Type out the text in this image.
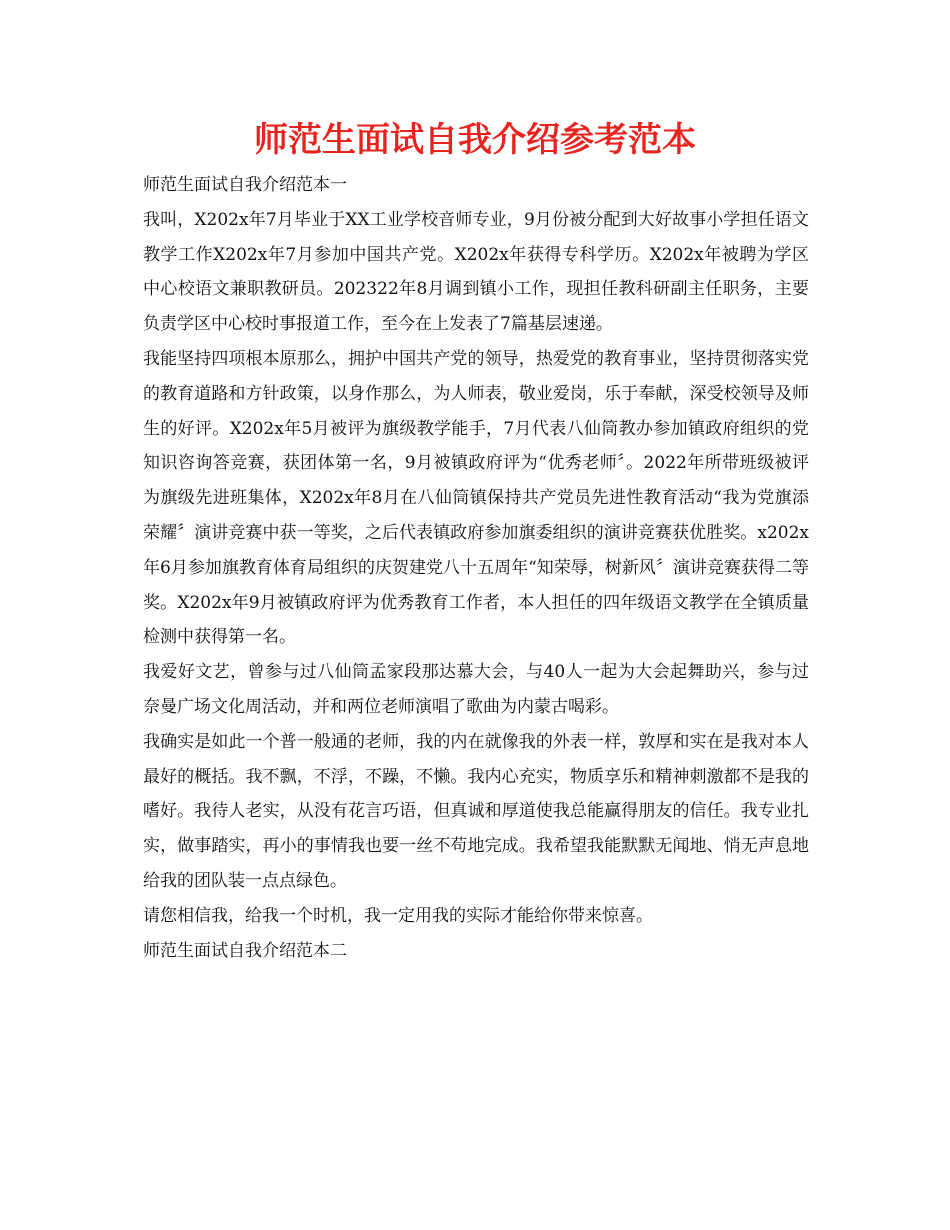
师范生面试自我介绍参考范本

师范生面试自我介绍范本一

我叫，X202x年7月毕业于XX工业学校音师专业，9月份被分配到大好故事小学担任语文教学工作X202x年7月参加中国共产党。X202x年获得专科学历。X202x年被聘为学区中心校语文兼职教研员。202322年8月调到镇小工作，现担任教科研副主任职务，主要负责学区中心校时事报道工作，至今在上发表了7篇基层速递。

我能坚持四项根本原那么，拥护中国共产党的领导，热爱党的教育事业，坚持贯彻落实党的教育道路和方针政策，以身作那么，为人师表，敬业爱岗，乐于奉献，深受校领导及师生的好评。X202x年5月被评为旗级教学能手，7月代表八仙筒教办参加镇政府组织的党知识咨询答竞赛，获团体第一名，9月被镇政府评为“优秀老师〞。2022年所带班级被评为旗级先进班集体，X202x年8月在八仙筒镇保持共产党员先进性教育活动“我为党旗添荣耀〞演讲竞赛中获一等奖，之后代表镇政府参加旗委组织的演讲竞赛获优胜奖。x202x年6月参加旗教育体育局组织的庆贺建党八十五周年“知荣辱，树新风〞演讲竞赛获得二等奖。X202x年9月被镇政府评为优秀教育工作者，本人担任的四年级语文教学在全镇质量检测中获得第一名。

我爱好文艺，曾参与过八仙筒孟家段那达慕大会，与40人一起为大会起舞助兴，参与过奈曼广场文化周活动，并和两位老师演唱了歌曲为内蒙古喝彩。

我确实是如此一个普一般通的老师，我的内在就像我的外表一样，敦厚和实在是我对本人最好的概括。我不飘，不浮，不躁，不懒。我内心充实，物质享乐和精神刺激都不是我的嗜好。我待人老实，从没有花言巧语，但真诚和厚道使我总能赢得朋友的信任。我专业扎实，做事踏实，再小的事情我也要一丝不苟地完成。我希望我能默默无闻地、悄无声息地给我的团队装一点点绿色。

请您相信我，给我一个时机，我一定用我的实际才能给你带来惊喜。

师范生面试自我介绍范本二
